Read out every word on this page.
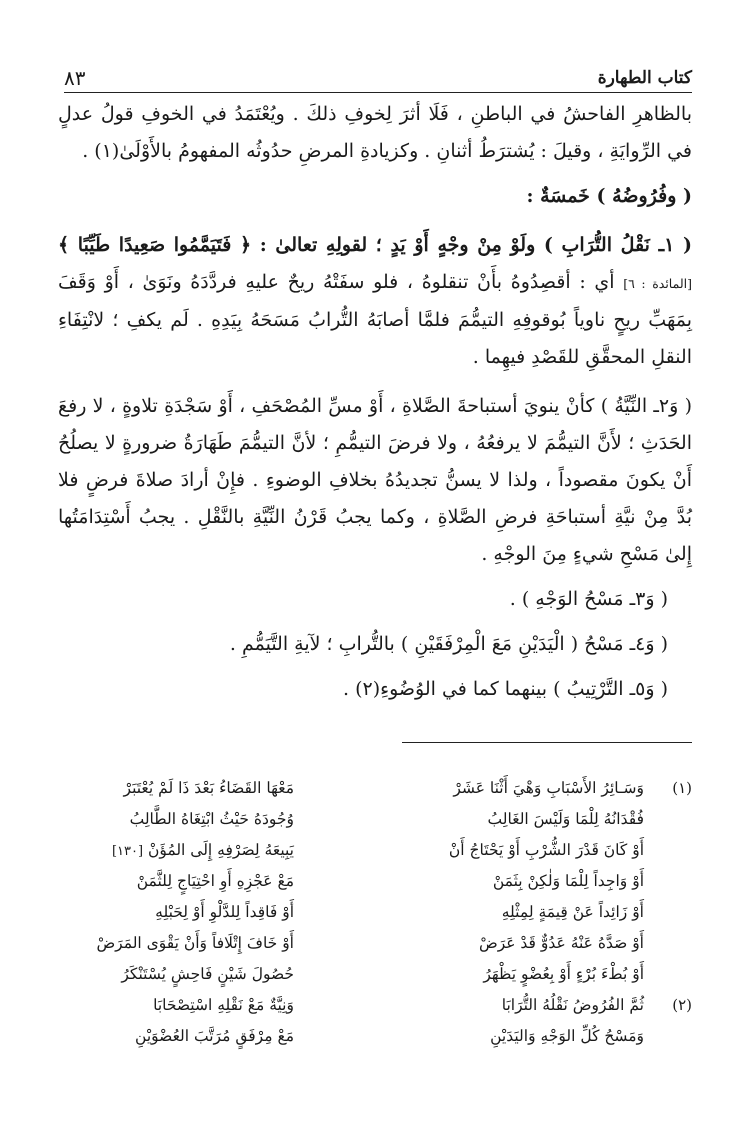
كتاب الطهارة
٨٣

بالظاهرِ الفاحشُ في الباطنِ ، فَلَا أثرَ لِخوفِ ذلكَ . ويُعْتَمَدُ في الخوفِ قولُ عدلٍ في الرِّوايَةِ ، وقيلَ : يُشترَطُ أثنانِ . وكزيادةِ المرضِ حدُوثُه المفهومُ بالأَوْلَىٰ(١) .

( وفُرُوضُهُ ) خَمسَةٌ :

( ١ـ نَقْلُ التُّرَابِ ) ولَوْ مِنْ وجْهٍ أَوْ يَدٍ ؛ لقولِهِ تعالىٰ : ﴿ فَتَيَمَّمُوا صَعِيدًا طَيِّبًا ﴾ [المائدة : ٦] أي : أقصِدُوهُ بأَنْ تنقلوهُ ، فلو سفَتْهُ ريحٌ عليهِ فردَّدَهُ ونَوَىٰ ، أَوْ وَقَفَ بِمَهَبِّ ريحٍ ناوياً بُوقوفِهِ التيمُّمَ فلمَّا أصابَهُ التُّرابُ مَسَحَهُ بِيَدِهِ . لَم يكفِ ؛ لانْتِفَاءِ النقلِ المحقَّقِ للقَصْدِ فيهِما .

( وَ٢ـ النِّيَّةُ ) كأنْ ينويَ أستباحةَ الصَّلاةِ ، أَوْ مسِّ المُصْحَفِ ، أَوْ سَجْدَةِ تلاوةٍ ، لا رفعَ الحَدَثِ ؛ لأَنَّ التيمُّمَ لا يرفعُهُ ، ولا فرضَ التيمُّمِ ؛ لأنَّ التيمُّمَ طَهَارَةُ ضرورةٍ لا يصلُحُ أَنْ يكونَ مقصوداً ، ولذا لا يسنُّ تجديدُهُ بخلافِ الوضوءِ . فإِنْ أرادَ صلاةَ فرضٍ فلا بُدَّ مِنْ نيَّةِ أستباحَةِ فرضِ الصَّلاةِ ، وكما يجبُ قَرْنُ النِّيَّةِ بالنَّقْلِ . يجبُ أَسْتِدَامَتُها إِلىٰ مَسْحِ شيءٍ مِنَ الوجْهِ .

( وَ٣ـ مَسْحُ الوَجْهِ ) .

( وَ٤ـ مَسْحُ ( الْيَدَيْنِ مَعَ الْمِرْفَقَيْنِ ) بالتُّرابِ ؛ لآيةِ التَّيَمُّمِ .

( وَ٥ـ التَّرْتِيبُ ) بينهما كما في الوُضُوءِ(٢) .

(١)
وَسَـائِرُ الأَسْبَابِ وَهْيَ أَثْنَا عَشَرْ
مَعْهَا القَضَاءُ بَعْدَ ذَا لَمْ يُعْتَبَرْ
فُقْدَانُهُ لِلْمَا وَلَيْسَ الغَالِبُ
وُجُودَهُ حَيْثُ ابْتِغَاهُ الطَّالِبُ
أَوْ كَانَ قَدْرَ الشُّرْبِ أَوْ يَحْتَاجُ أَنْ
يَبِيعَهُ لِصَرْفِهِ إِلَى المُؤَنْ [١٣٠]
أَوْ وَاجِداً لِلْمَا وَلٰكِنْ بِثَمَنْ
مَعْ عَجْزِهِ أَوِ احْتِيَاجٍ لِلثَّمَنْ
أَوْ زَائِداً عَنْ قِيمَةٍ لِمِثْلِهِ
أَوْ فَاقِداً لِلدَّلْوِ أَوْ لِحَبْلِهِ
أَوْ صَدَّهُ عَنْهُ عَدُوٌّ قَدْ عَرَضْ
أَوْ خَافَ إِتْلَافاً وَأَنْ يَقْوَى المَرَضْ
أَوْ بُطْءَ بُرْءٍ أَوْ بِعُضْوٍ يَظْهَرُ
حُصُولَ شَيْنٍ فَاحِشٍ يُسْتَنْكَرُ
(٢)
ثُمَّ الفُرُوضُ نَقْلُهُ التُّرَابَا
وَنِيَّةٌ مَعْ نَقْلِهِ اسْتِصْحَابَا
وَمَسْحُ كُلِّ الوَجْهِ وَاليَدَيْنِ
مَعْ مِرْفَقٍ مُرَتَّبَ العُضْوَيْنِ
